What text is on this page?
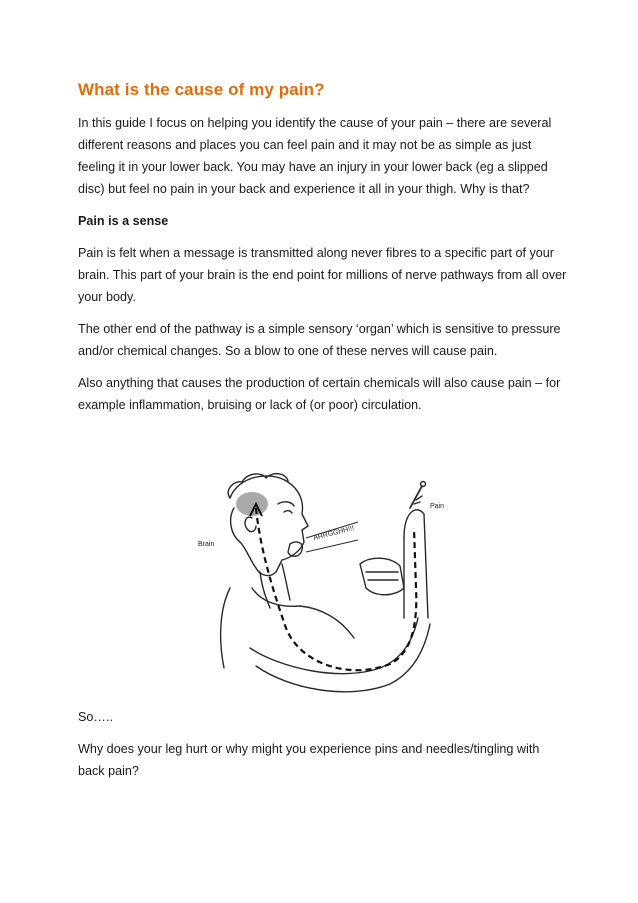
What is the cause of my pain?

In this guide I focus on helping you identify the cause of your pain – there are several different reasons and places you can feel pain and it may not be as simple as just feeling it in your lower back. You may have an injury in your lower back (eg a slipped disc) but feel no pain in your back and experience it all in your thigh. Why is that?

Pain is a sense

Pain is felt when a message is transmitted along never fibres to a specific part of your brain. This part of your brain is the end point for millions of nerve pathways from all over your body.

The other end of the pathway is a simple sensory ‘organ’ which is sensitive to pressure and/or chemical changes. So a blow to one of these nerves will cause pain.

Also anything that causes the production of certain chemicals will also cause pain – for example inflammation, bruising or lack of (or poor) circulation.

Brain
Pain
ARRGGHH!!!

So…..

Why does your leg hurt or why might you experience pins and needles/tingling with back pain?
